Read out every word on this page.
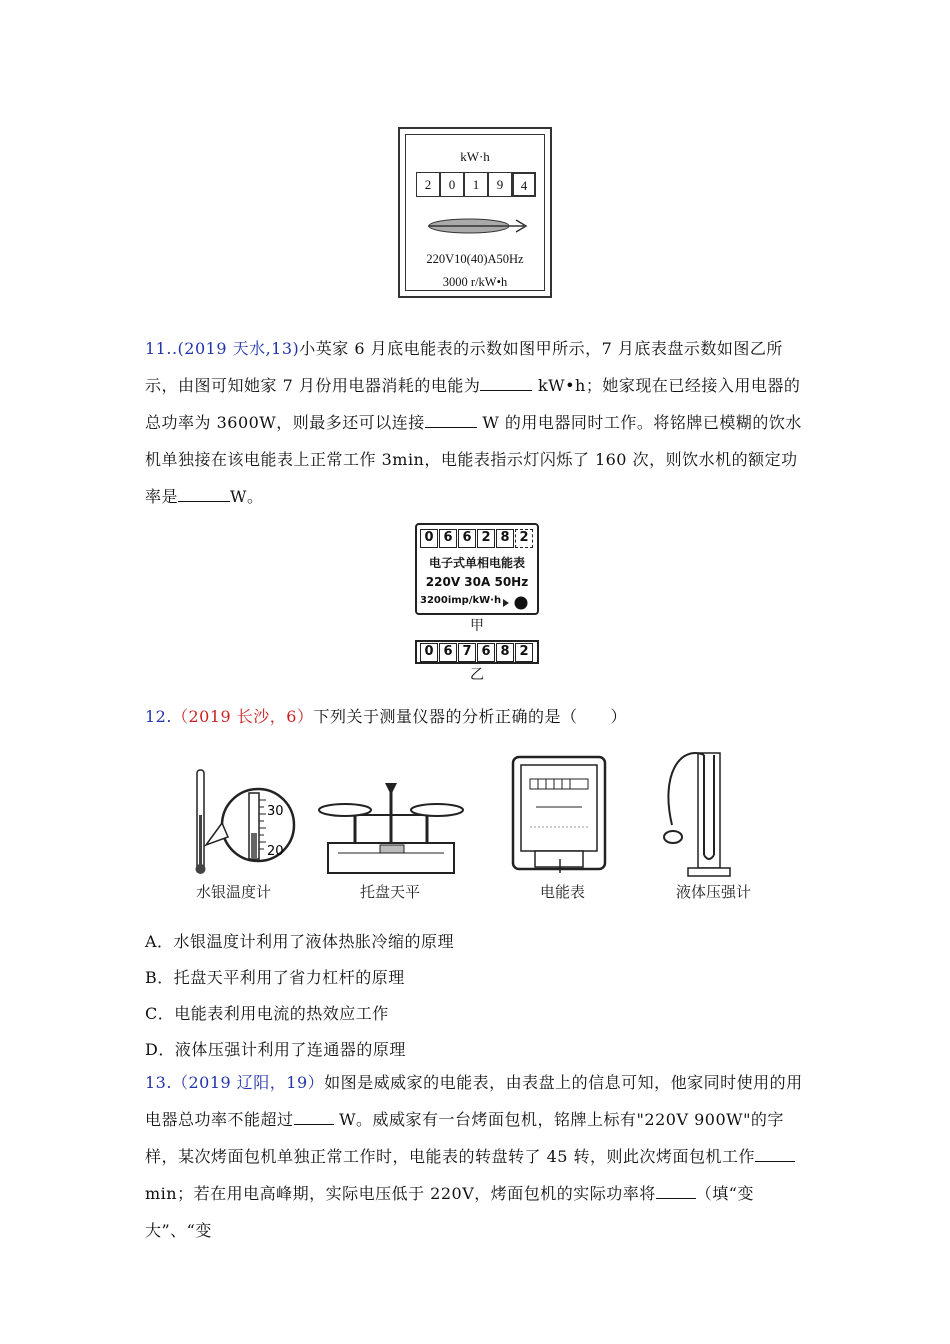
kW·h
2	0	1	9	4
220V10(40)A50Hz
3000 r/kW•h
11..(2019 天水,13)小英家 6 月底电能表的示数如图甲所示，7 月底表盘示数如图乙所示，由图可知她家 7 月份用电器消耗的电能为	kW•h；她家现在已经接入用电器的总功率为 3600W，则最多还可以连接	W 的用电器同时工作。将铭牌已模糊的饮水机单独接在该电能表上正常工作 3min，电能表指示灯闪烁了 160 次，则饮水机的额定功率是	W。
0 6 6 2 8 2
电子式单相电能表
220V 30A 50Hz
3200imp/kW·h
甲
0 6 7 6 8 2
乙
12.（2019 长沙，6）下列关于测量仪器的分析正确的是（　　）
30
20
水银温度计	托盘天平	电能表	液体压强计
A．水银温度计利用了液体热胀冷缩的原理
B．托盘天平利用了省力杠杆的原理
C．电能表利用电流的热效应工作
D．液体压强计利用了连通器的原理
13.（2019 辽阳，19）如图是威威家的电能表，由表盘上的信息可知，他家同时使用的用电器总功率不能超过	W。威威家有一台烤面包机，铭牌上标有"220V 900W"的字样，某次烤面包机单独正常工作时，电能表的转盘转了 45 转，则此次烤面包机工作 min；若在用电高峰期，实际电压低于 220V，烤面包机的实际功率将	（填“变 大”、“变
